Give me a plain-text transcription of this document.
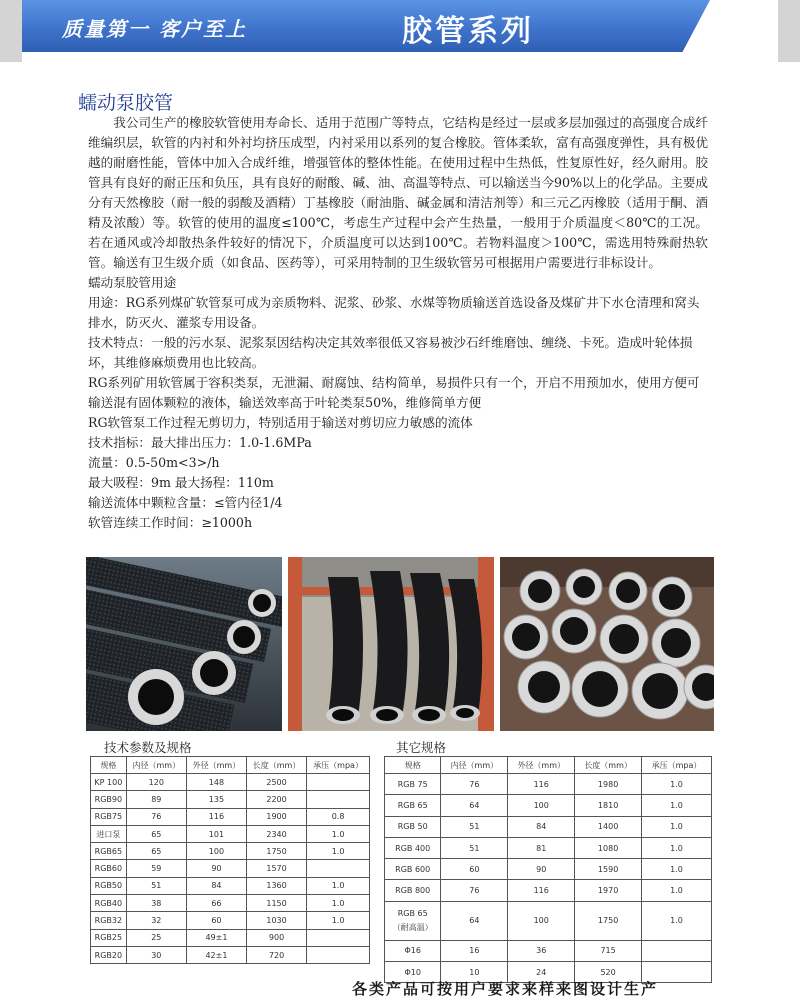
质量第一 客户至上	胶管系列
蠕动泵胶管

我公司生产的橡胶软管使用寿命长、适用于范围广等特点，它结构是经过一层或多层加强过的高强度合成纤维编织层，软管的内衬和外衬均挤压成型，内衬采用以系列的复合橡胶。管体柔软，富有高强度弹性，具有极优越的耐磨性能，管体中加入合成纤维，增强管体的整体性能。在使用过程中生热低，性复原性好，经久耐用。胶管具有良好的耐正压和负压，具有良好的耐酸、碱、油、高温等特点、可以输送当今90%以上的化学品。主要成分有天然橡胶（耐一般的弱酸及酒精）丁基橡胶（耐油脂、碱金属和清洁剂等）和三元乙丙橡胶（适用于酮、酒精及浓酸）等。软管的使用的温度≤100℃，考虑生产过程中会产生热量，一般用于介质温度＜80℃的工况。若在通风或冷却散热条件较好的情况下，介质温度可以达到100℃。若物料温度＞100℃，需选用特殊耐热软管。输送有卫生级介质（如食品、医药等），可采用特制的卫生级软管另可根据用户需要进行非标设计。

蠕动泵胶管用途

用途：RG系列煤矿软管泵可成为亲质物料、泥浆、砂浆、水煤等物质输送首选设备及煤矿井下水仓清理和窝头排水，防灭火、灌浆专用设备。

技术特点：一般的污水泵、泥浆泵因结构决定其效率很低又容易被沙石纤维磨蚀、缠绕、卡死。造成叶轮体损坏，其维修麻烦费用也比较高。

RG系列矿用软管属于容积类泵，无泄漏、耐腐蚀、结构简单，易损件只有一个，开启不用预加水，使用方便可输送混有固体颗粒的液体，输送效率高于叶轮类泵50%，维修简单方便

RG软管泵工作过程无剪切力，特别适用于输送对剪切应力敏感的流体

技术指标：最大排出压力：1.0-1.6MPa

流量：0.5-50m<3>/h

最大吸程：9m 最大扬程：110m

输送流体中颗粒含量：≤管内径1/4

软管连续工作时间：≥1000h

技术参数及规格
规格	内径（mm）	外径（mm）	长度（mm）	承压（mpa）
KP 100	120	148	2500	
RGB90	89	135	2200	
RGB75	76	116	1900	0.8
进口泵	65	101	2340	1.0
RGB65	65	100	1750	1.0
RGB60	59	90	1570	
RGB50	51	84	1360	1.0
RGB40	38	66	1150	1.0
RGB32	32	60	1030	1.0
RGB25	25	49±1	900	
RGB20	30	42±1	720	
其它规格
规格	内径（mm）	外径（mm）	长度（mm）	承压（mpa）
RGB 75	76	116	1980	1.0
RGB 65	64	100	1810	1.0
RGB 50	51	84	1400	1.0
RGB 400	51	81	1080	1.0
RGB 600	60	90	1590	1.0
RGB 800	76	116	1970	1.0
RGB 65
（耐高温）	64	100	1750	1.0
Φ16	16	36	715	
Φ10	10	24	520	
各类产品可按用户要求来样来图设计生产
